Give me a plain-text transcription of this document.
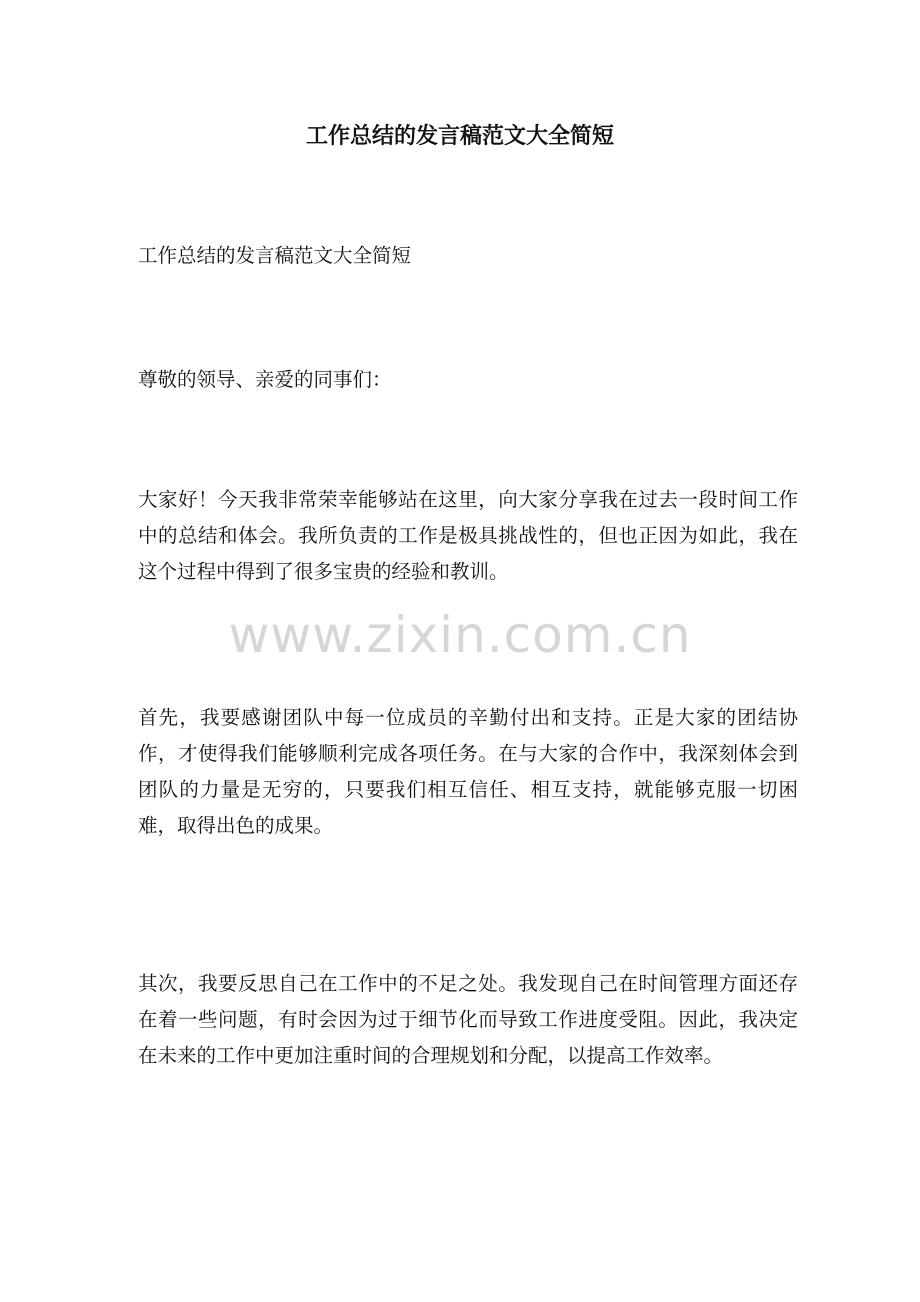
www.zixin.com.cn
工作总结的发言稿范文大全简短

工作总结的发言稿范文大全简短

尊敬的领导、亲爱的同事们：

大家好！今天我非常荣幸能够站在这里，向大家分享我在过去一段时间工作中的总结和体会。我所负责的工作是极具挑战性的，但也正因为如此，我在这个过程中得到了很多宝贵的经验和教训。

首先，我要感谢团队中每一位成员的辛勤付出和支持。正是大家的团结协作，才使得我们能够顺利完成各项任务。在与大家的合作中，我深刻体会到团队的力量是无穷的，只要我们相互信任、相互支持，就能够克服一切困难，取得出色的成果。

其次，我要反思自己在工作中的不足之处。我发现自己在时间管理方面还存在着一些问题，有时会因为过于细节化而导致工作进度受阻。因此，我决定在未来的工作中更加注重时间的合理规划和分配，以提高工作效率。
